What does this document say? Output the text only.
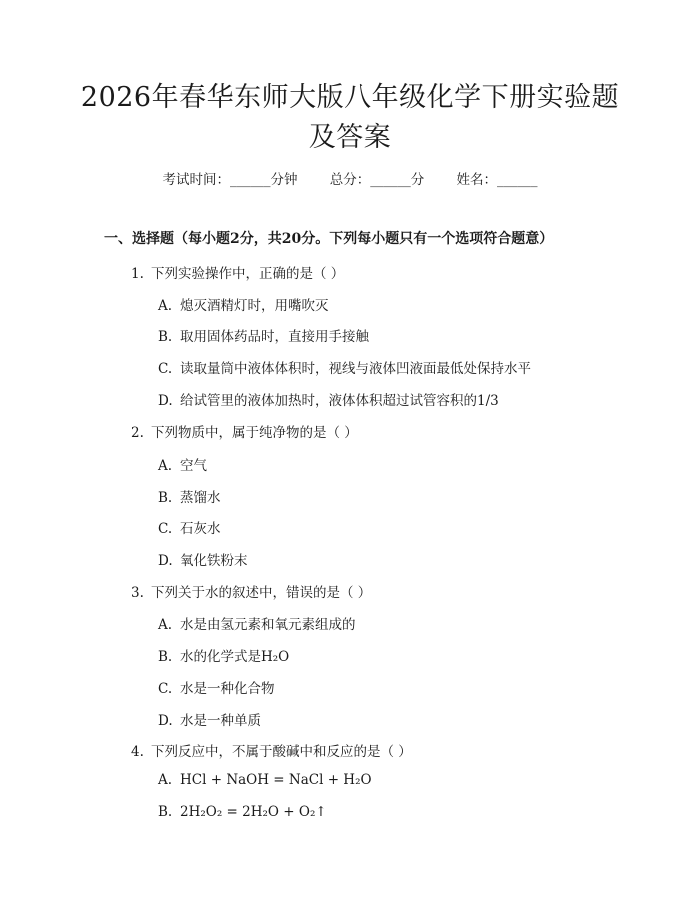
2026年春华东师大版八年级化学下册实验题
及答案
考试时间：______分钟 总分：______分 姓名：______
一、选择题（每小题2分，共20分。下列每小题只有一个选项符合题意）
1. 下列实验操作中，正确的是（ ）
A. 熄灭酒精灯时，用嘴吹灭
B. 取用固体药品时，直接用手接触
C. 读取量筒中液体体积时，视线与液体凹液面最低处保持水平
D. 给试管里的液体加热时，液体体积超过试管容积的1/3
2. 下列物质中，属于纯净物的是（ ）
A. 空气
B. 蒸馏水
C. 石灰水
D. 氧化铁粉末
3. 下列关于水的叙述中，错误的是（ ）
A. 水是由氢元素和氧元素组成的
B. 水的化学式是H₂O
C. 水是一种化合物
D. 水是一种单质
4. 下列反应中，不属于酸碱中和反应的是（ ）
A. HCl + NaOH = NaCl + H₂O
B. 2H₂O₂ = 2H₂O + O₂↑
